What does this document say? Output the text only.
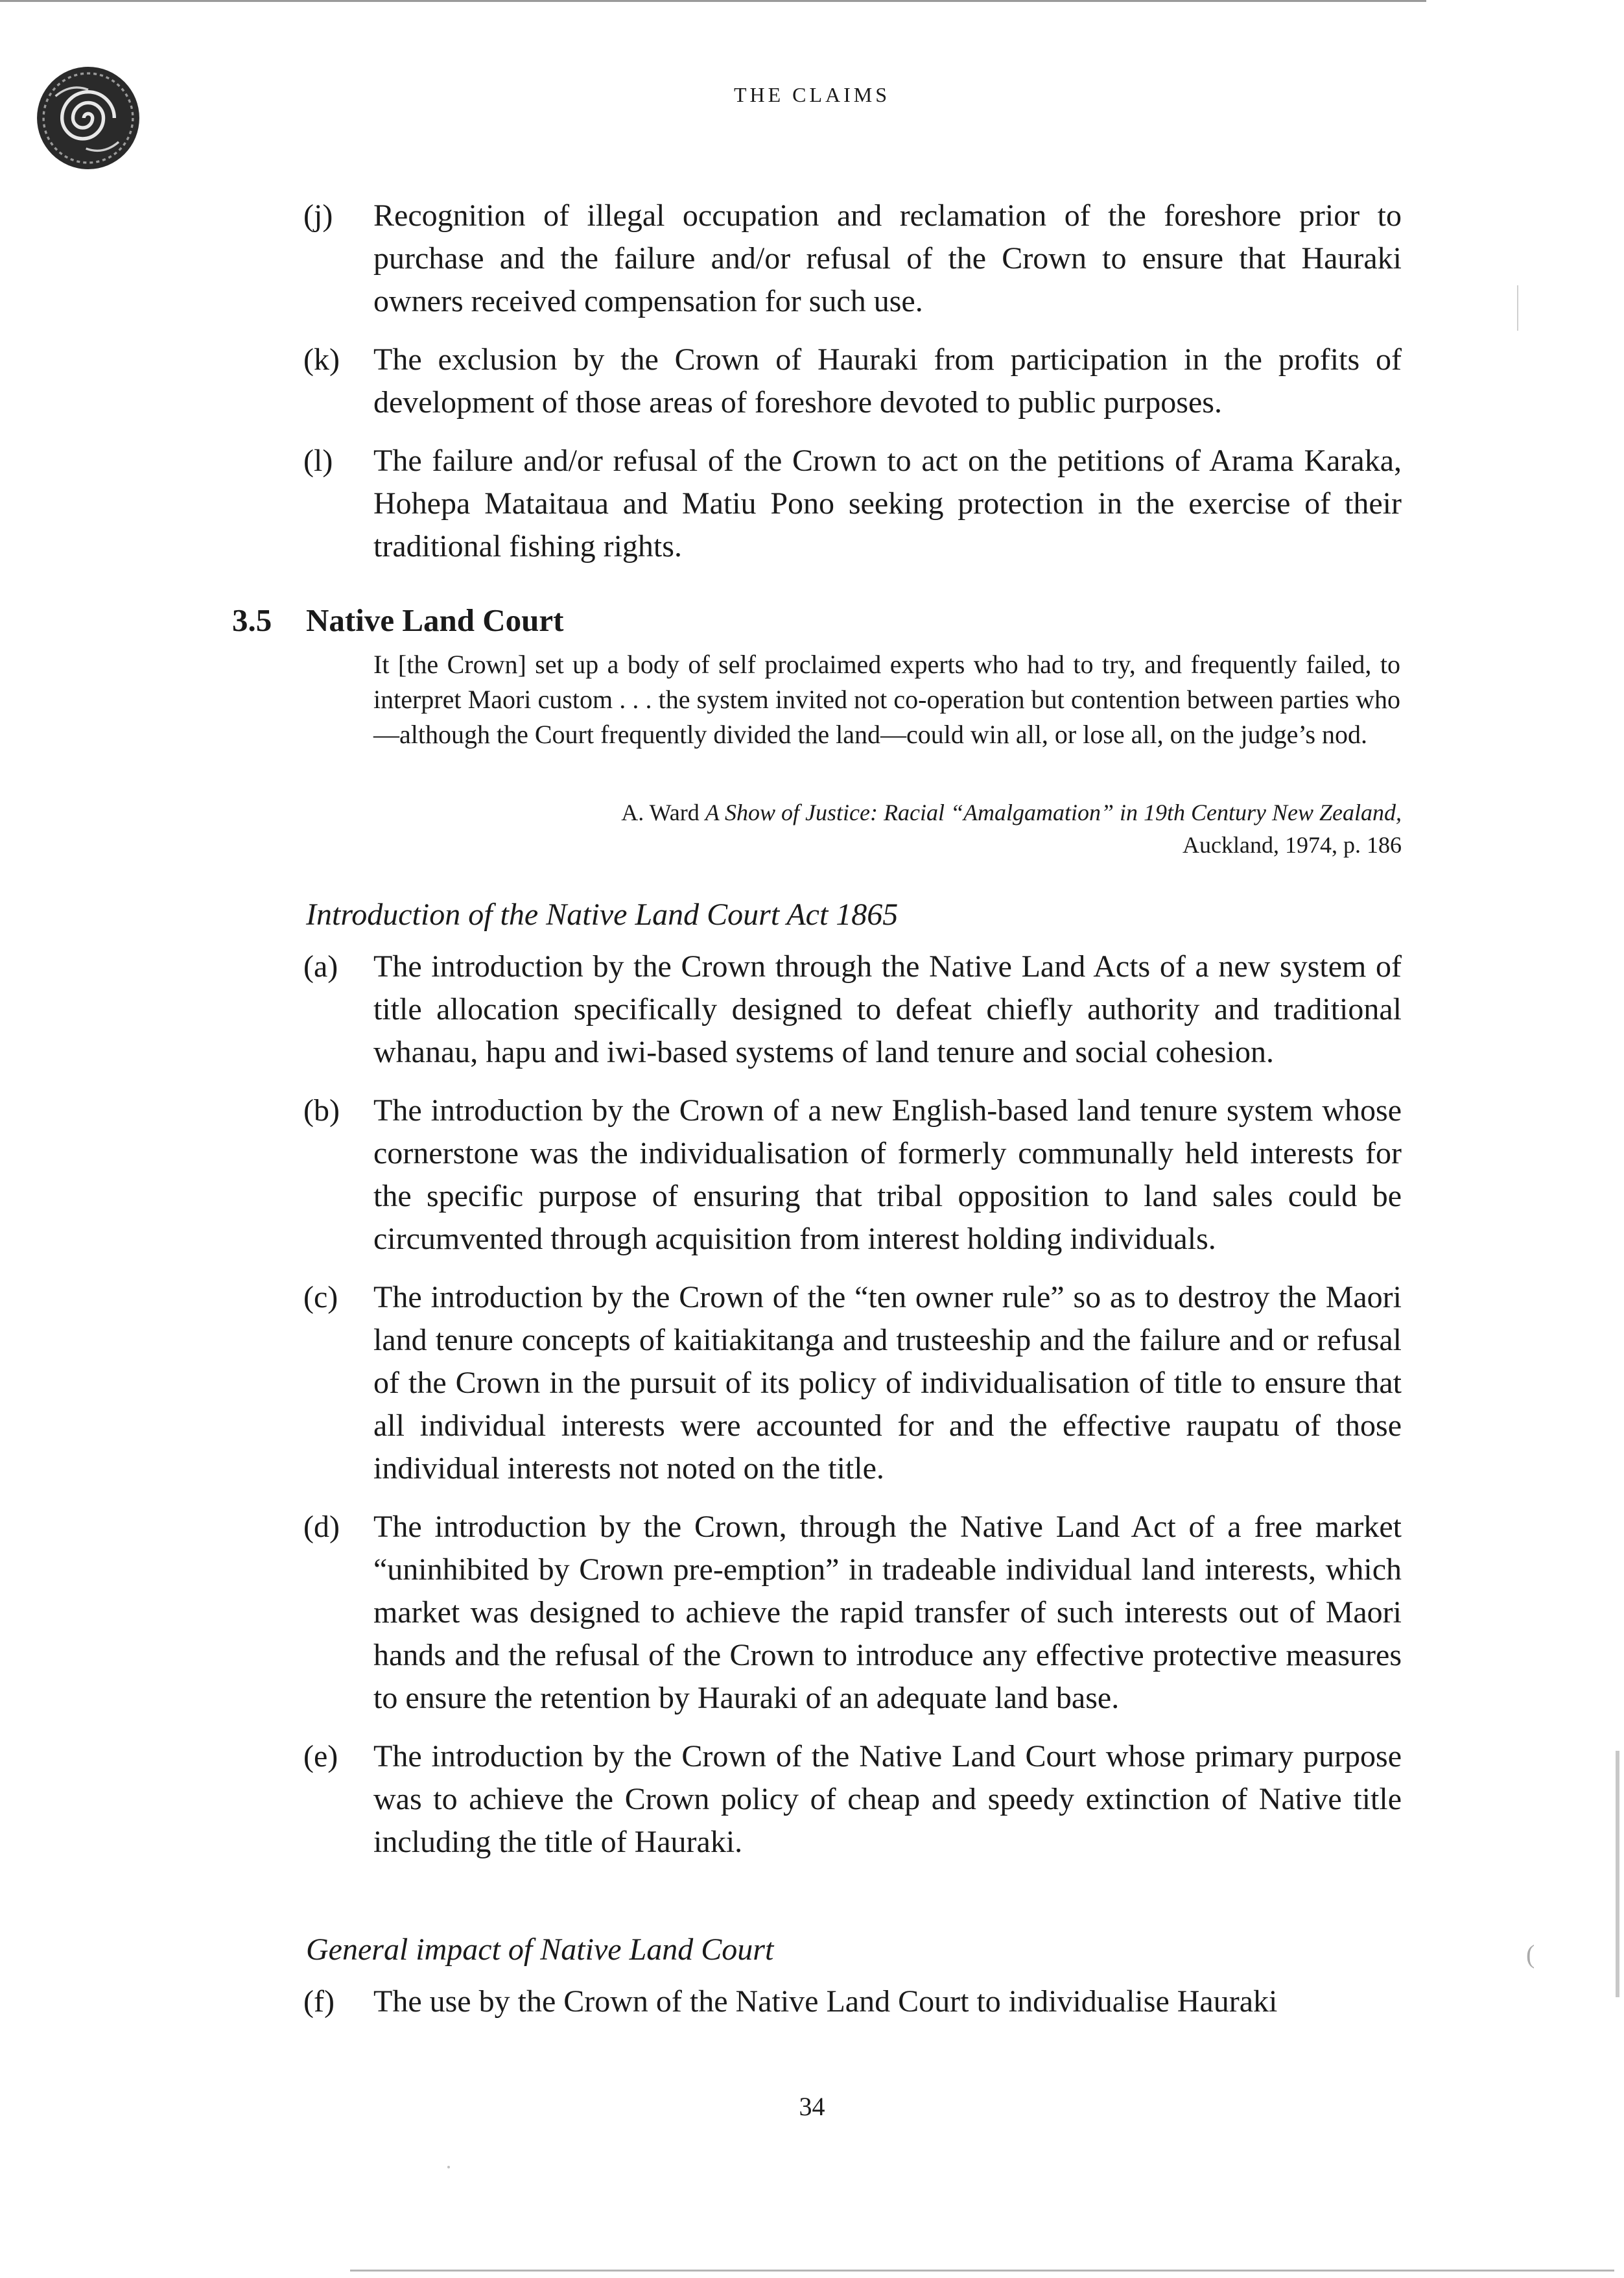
(
THE CLAIMS
(j)	Recognition of illegal occupation and reclamation of the foreshore prior to purchase and the failure and/or refusal of the Crown to ensure that Hauraki owners received compensation for such use.
(k)	The exclusion by the Crown of Hauraki from participation in the profits of development of those areas of foreshore devoted to public purposes.
(l)	The failure and/or refusal of the Crown to act on the petitions of Arama Karaka, Hohepa Mataitaua and Matiu Pono seeking protection in the exercise of their traditional fishing rights.
3.5 Native Land Court
It [the Crown] set up a body of self proclaimed experts who had to try, and frequently failed, to interpret Maori custom . . . the system invited not co-operation but contention between parties who—although the Court frequently divided the land—could win all, or lose all, on the judge’s nod.
A. Ward A Show of Justice: Racial “Amalgamation” in 19th Century New Zealand,
Auckland, 1974, p. 186
Introduction of the Native Land Court Act 1865
(a)	The introduction by the Crown through the Native Land Acts of a new system of title allocation specifically designed to defeat chiefly authority and traditional whanau, hapu and iwi-based systems of land tenure and social cohesion.
(b)	The introduction by the Crown of a new English-based land tenure system whose cornerstone was the individualisation of formerly communally held interests for the specific purpose of ensuring that tribal opposition to land sales could be circumvented through acquisition from interest holding individuals.
(c)	The introduction by the Crown of the “ten owner rule” so as to destroy the Maori land tenure concepts of kaitiakitanga and trusteeship and the failure and or refusal of the Crown in the pursuit of its policy of individualisation of title to ensure that all individual interests were accounted for and the effective raupatu of those individual interests not noted on the title.
(d)	The introduction by the Crown, through the Native Land Act of a free market “uninhibited by Crown pre-emption” in tradeable individual land interests, which market was designed to achieve the rapid transfer of such interests out of Maori hands and the refusal of the Crown to introduce any effective protective measures to ensure the retention by Hauraki of an adequate land base.
(e)	The introduction by the Crown of the Native Land Court whose primary purpose was to achieve the Crown policy of cheap and speedy extinction of Native title including the title of Hauraki.
General impact of Native Land Court
(f)	The use by the Crown of the Native Land Court to individualise Hauraki
34
